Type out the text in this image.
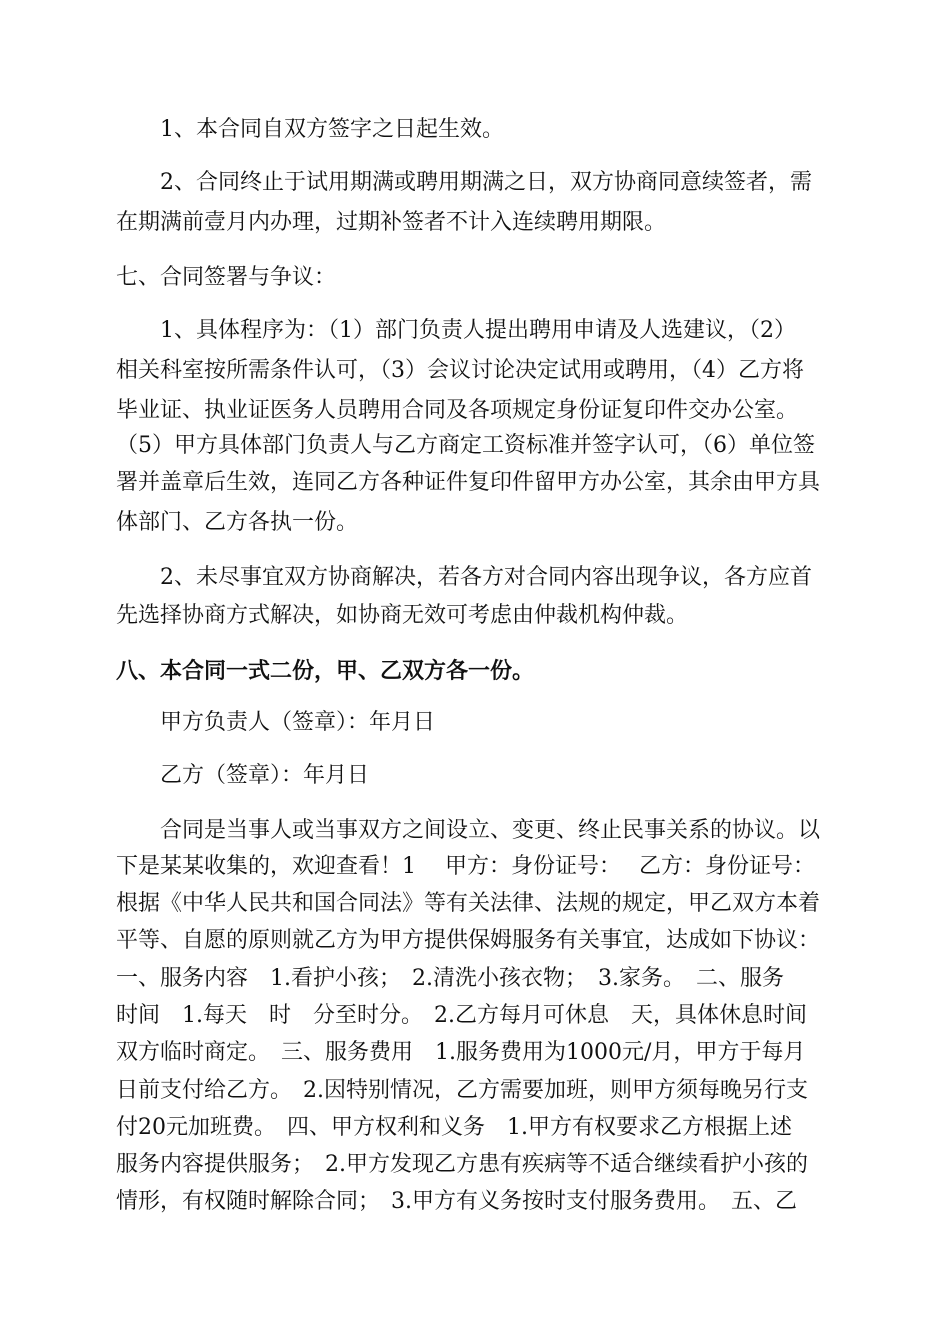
　　1、本合同自双方签字之日起生效。
　　2、合同终止于试用期满或聘用期满之日，双方协商同意续签者，需
在期满前壹月内办理，过期补签者不计入连续聘用期限。
七、合同签署与争议：
　　1、具体程序为：（1）部门负责人提出聘用申请及人选建议，（2）
相关科室按所需条件认可，（3）会议讨论决定试用或聘用，（4）乙方将
毕业证、执业证医务人员聘用合同及各项规定身份证复印件交办公室。
（5）甲方具体部门负责人与乙方商定工资标准并签字认可，（6）单位签
署并盖章后生效，连同乙方各种证件复印件留甲方办公室，其余由甲方具
体部门、乙方各执一份。
　　2、未尽事宜双方协商解决，若各方对合同内容出现争议，各方应首
先选择协商方式解决，如协商无效可考虑由仲裁机构仲裁。
八、本合同一式二份，甲、乙双方各一份。
　　甲方负责人（签章）：年月日
　　乙方（签章）：年月日
　　合同是当事人或当事双方之间设立、变更、终止民事关系的协议。以
下是某某收集的，欢迎查看！1　 甲方：身份证号：　 乙方：身份证号：
根据《中华人民共和国合同法》等有关法律、法规的规定，甲乙双方本着
平等、自愿的原则就乙方为甲方提供保姆服务有关事宜，达成如下协议：
一、服务内容　1.看护小孩；　2.清洗小孩衣物；　3.家务。　二、服务
时间　1.每天　时　分至时分。　2.乙方每月可休息　天，具体休息时间
双方临时商定。　三、服务费用　1.服务费用为1000元/月，甲方于每月
日前支付给乙方。　2.因特别情况，乙方需要加班，则甲方须每晚另行支
付20元加班费。　四、甲方权利和义务　1.甲方有权要求乙方根据上述
服务内容提供服务；　2.甲方发现乙方患有疾病等不适合继续看护小孩的
情形，有权随时解除合同；　3.甲方有义务按时支付服务费用。　五、乙
